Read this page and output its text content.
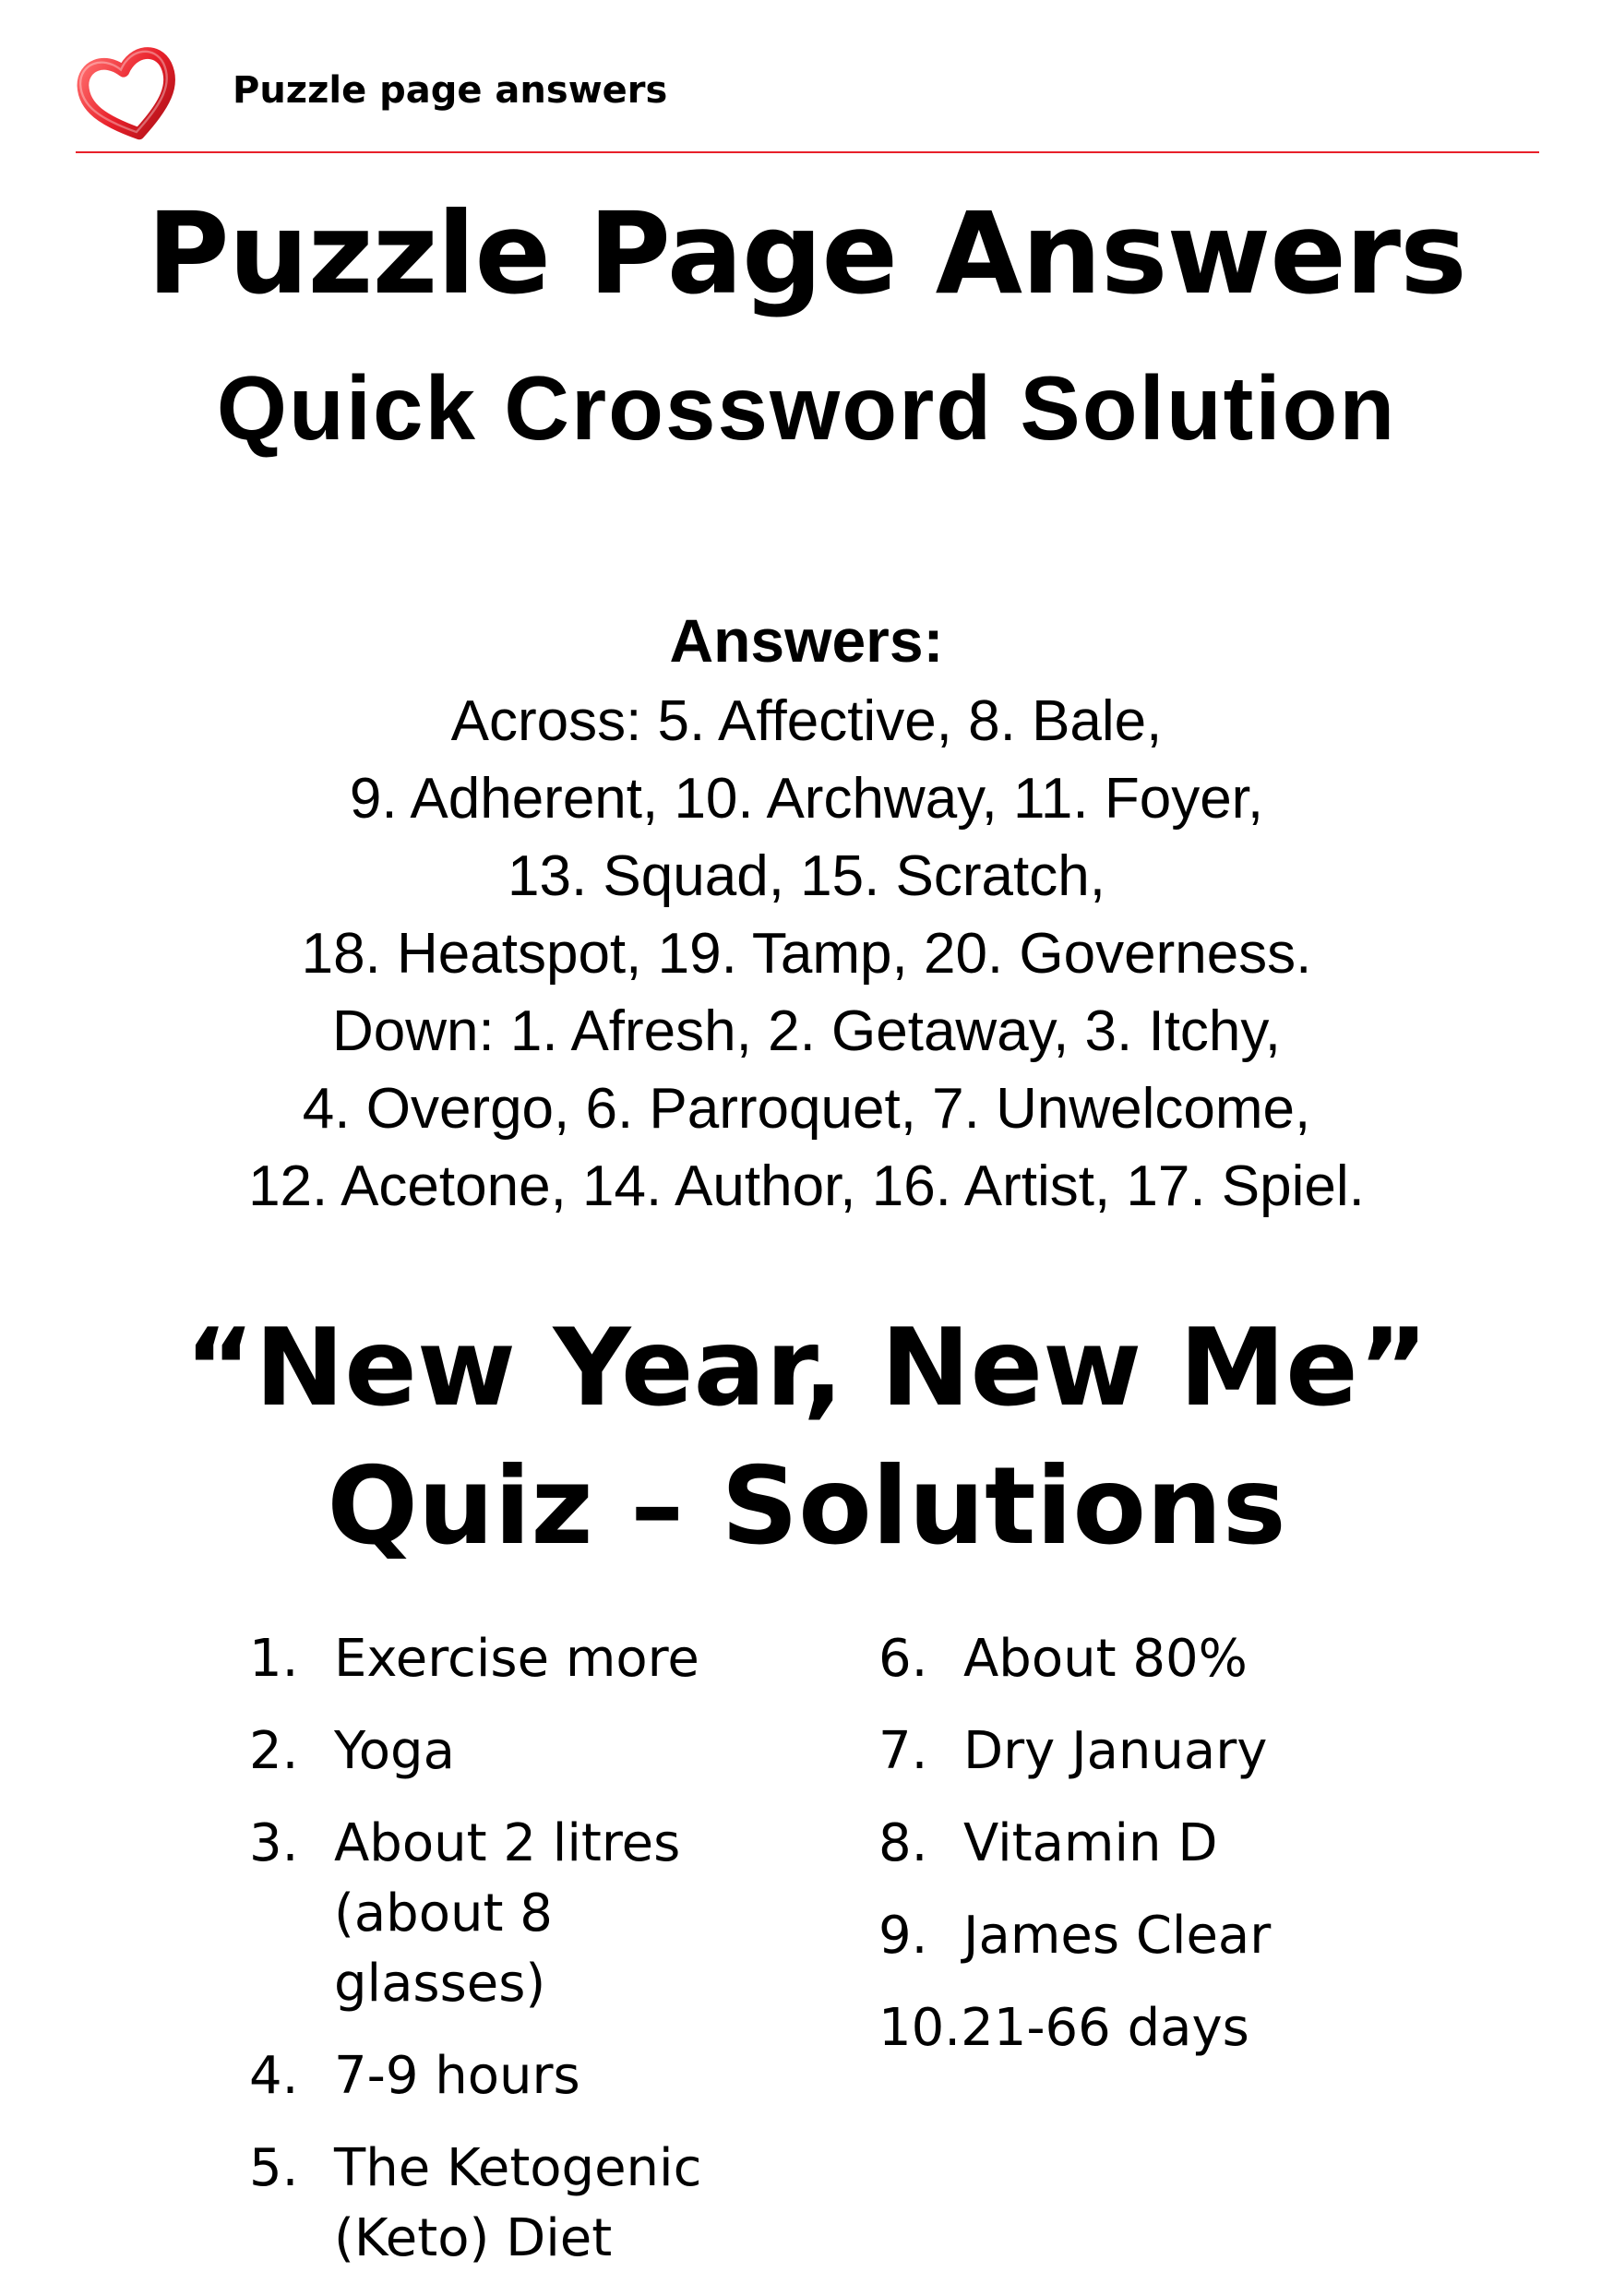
Puzzle page answers
Puzzle Page Answers
Quick Crossword Solution
Answers:
Across: 5. Affective, 8. Bale,
9. Adherent, 10. Archway, 11. Foyer,
13. Squad, 15. Scratch,
18. Heatspot, 19. Tamp, 20. Governess.
Down: 1. Afresh, 2. Getaway, 3. Itchy,
4. Overgo, 6. Parroquet, 7. Unwelcome,
12. Acetone, 14. Author, 16. Artist, 17. Spiel.
“New Year, New Me”
Quiz – Solutions
1. Exercise more
2. Yoga
3. About 2 litres (about 8 glasses)
4. 7-9 hours
5. The Ketogenic (Keto) Diet
6. About 80%
7. Dry January
8. Vitamin D
9. James Clear
10.21-66 days
